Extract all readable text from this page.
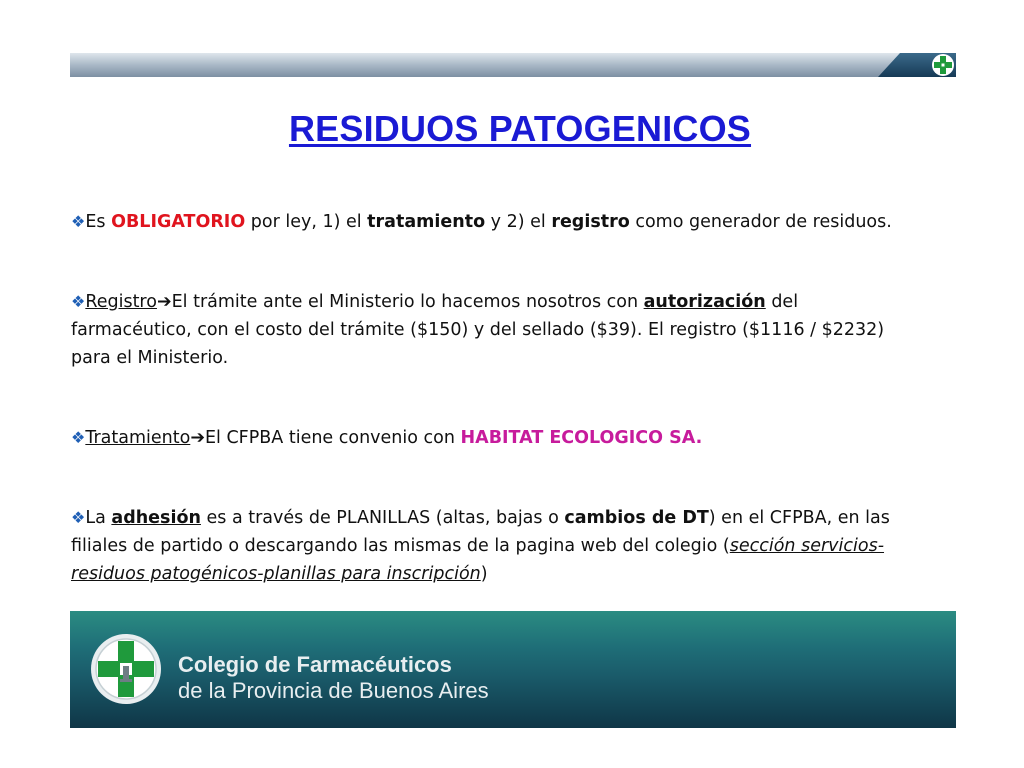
RESIDUOS PATOGENICOS

❖Es OBLIGATORIO por ley, 1) el tratamiento y 2) el registro como generador de residuos.

❖Registro➔El trámite ante el Ministerio lo hacemos nosotros con autorización del farmacéutico, con el costo del trámite ($150) y del sellado ($39). El registro ($1116 / $2232) para el Ministerio.

❖Tratamiento➔El CFPBA tiene convenio con HABITAT ECOLOGICO SA.

❖La adhesión es a través de PLANILLAS (altas, bajas o cambios de DT) en el CFPBA, en las filiales de partido o descargando las mismas de la pagina web del colegio (sección servicios-residuos patogénicos-planillas para inscripción)

Colegio de Farmacéuticos
de la Provincia de Buenos Aires
